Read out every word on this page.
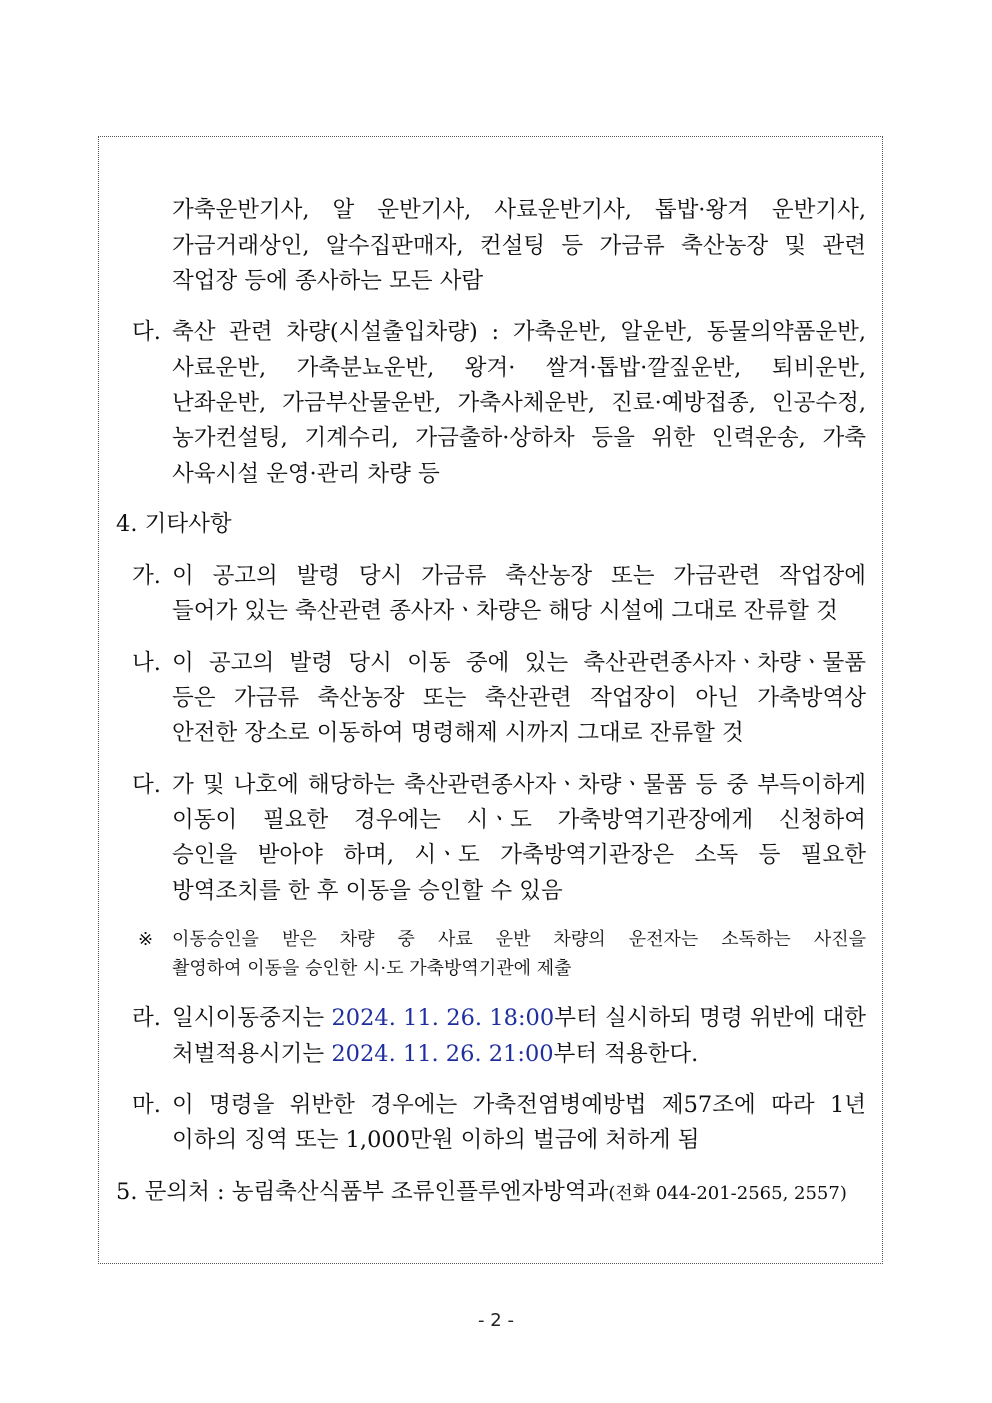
가축운반기사, 알 운반기사, 사료운반기사, 톱밥·왕겨 운반기사,
가금거래상인, 알수집판매자, 컨설팅 등 가금류 축산농장 및 관련
작업장 등에 종사하는 모든 사람
다. 축산 관련 차량(시설출입차량) : 가축운반, 알운반, 동물의약품운반,
사료운반, 가축분뇨운반, 왕겨· 쌀겨·톱밥·깔짚운반, 퇴비운반,
난좌운반, 가금부산물운반, 가축사체운반, 진료·예방접종, 인공수정,
농가컨설팅, 기계수리, 가금출하·상하차 등을 위한 인력운송, 가축
사육시설 운영·관리 차량 등
4. 기타사항
가. 이 공고의 발령 당시 가금류 축산농장 또는 가금관련 작업장에
들어가 있는 축산관련 종사자ㆍ차량은 해당 시설에 그대로 잔류할 것
나. 이 공고의 발령 당시 이동 중에 있는 축산관련종사자ㆍ차량ㆍ물품
등은 가금류 축산농장 또는 축산관련 작업장이 아닌 가축방역상
안전한 장소로 이동하여 명령해제 시까지 그대로 잔류할 것
다. 가 및 나호에 해당하는 축산관련종사자ㆍ차량ㆍ물품 등 중 부득이하게
이동이 필요한 경우에는 시ㆍ도 가축방역기관장에게 신청하여
승인을 받아야 하며, 시ㆍ도 가축방역기관장은 소독 등 필요한
방역조치를 한 후 이동을 승인할 수 있음
※ 이동승인을 받은 차량 중 사료 운반 차량의 운전자는 소독하는 사진을
촬영하여 이동을 승인한 시·도 가축방역기관에 제출
라. 일시이동중지는 2024. 11. 26. 18:00부터 실시하되 명령 위반에 대한
처벌적용시기는 2024. 11. 26. 21:00부터 적용한다.
마. 이 명령을 위반한 경우에는 가축전염병예방법 제57조에 따라 1년
이하의 징역 또는 1,000만원 이하의 벌금에 처하게 됨
5. 문의처 : 농림축산식품부 조류인플루엔자방역과(전화 044-201-2565, 2557)
- 2 -
